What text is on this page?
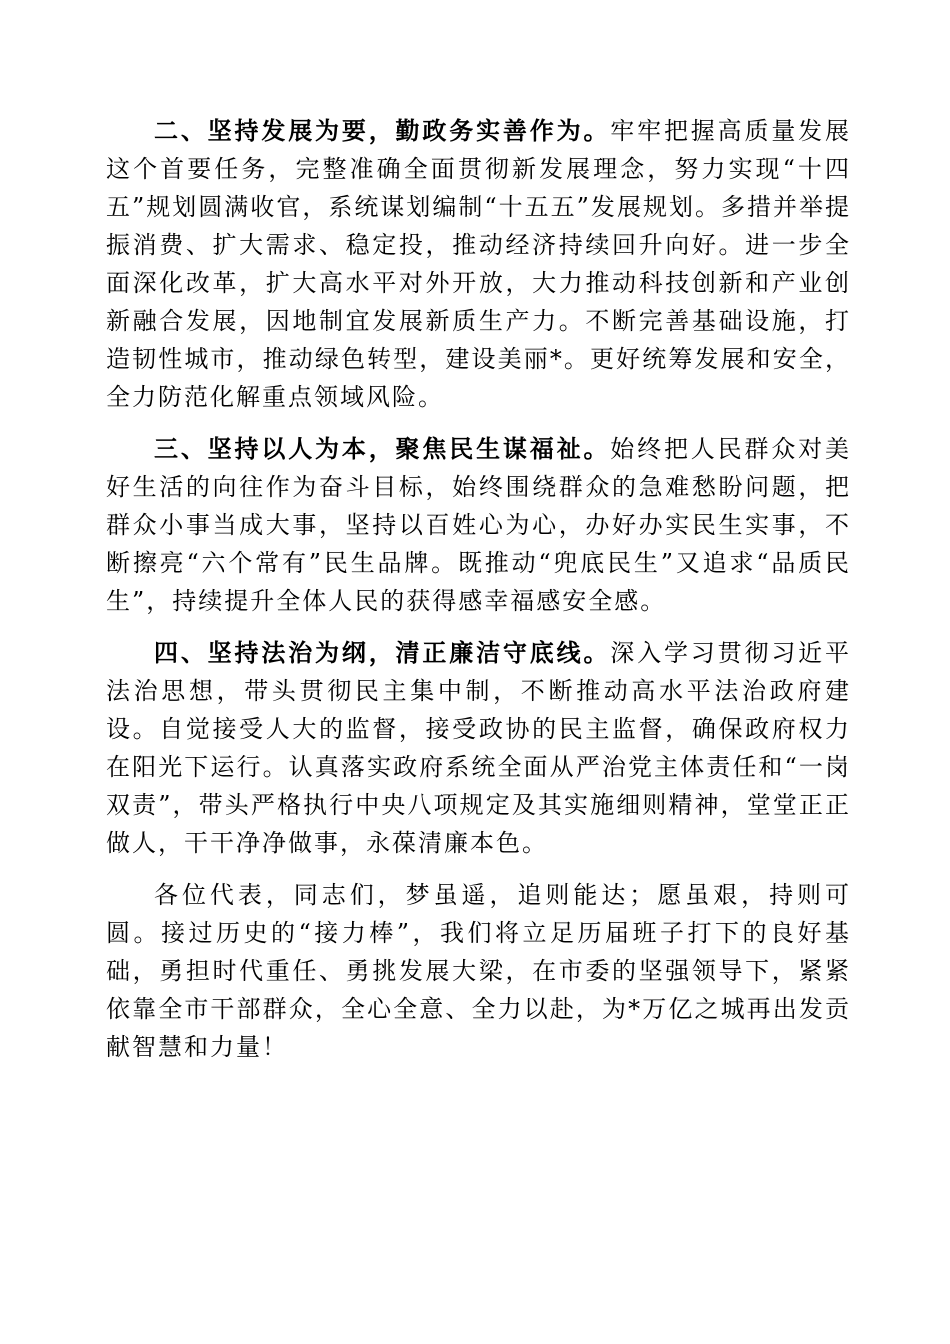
二、坚持发展为要，勤政务实善作为。牢牢把握高质量发展这个首要任务，完整准确全面贯彻新发展理念，努力实现“十四五”规划圆满收官，系统谋划编制“十五五”发展规划。多措并举提振消费、扩大需求、稳定投，推动经济持续回升向好。进一步全面深化改革，扩大高水平对外开放，大力推动科技创新和产业创新融合发展，因地制宜发展新质生产力。不断完善基础设施，打造韧性城市，推动绿色转型，建设美丽*。更好统筹发展和安全，全力防范化解重点领域风险。

三、坚持以人为本，聚焦民生谋福祉。始终把人民群众对美好生活的向往作为奋斗目标，始终围绕群众的急难愁盼问题，把群众小事当成大事，坚持以百姓心为心，办好办实民生实事，不断擦亮“六个常有”民生品牌。既推动“兜底民生”又追求“品质民生”，持续提升全体人民的获得感幸福感安全感。

四、坚持法治为纲，清正廉洁守底线。深入学习贯彻习近平法治思想，带头贯彻民主集中制，不断推动高水平法治政府建设。自觉接受人大的监督，接受政协的民主监督，确保政府权力在阳光下运行。认真落实政府系统全面从严治党主体责任和“一岗双责”，带头严格执行中央八项规定及其实施细则精神，堂堂正正做人，干干净净做事，永葆清廉本色。

各位代表，同志们，梦虽遥，追则能达；愿虽艰，持则可圆。接过历史的“接力棒”，我们将立足历届班子打下的良好基础，勇担时代重任、勇挑发展大梁，在市委的坚强领导下，紧紧依靠全市干部群众，全心全意、全力以赴，为*万亿之城再出发贡献智慧和力量！
